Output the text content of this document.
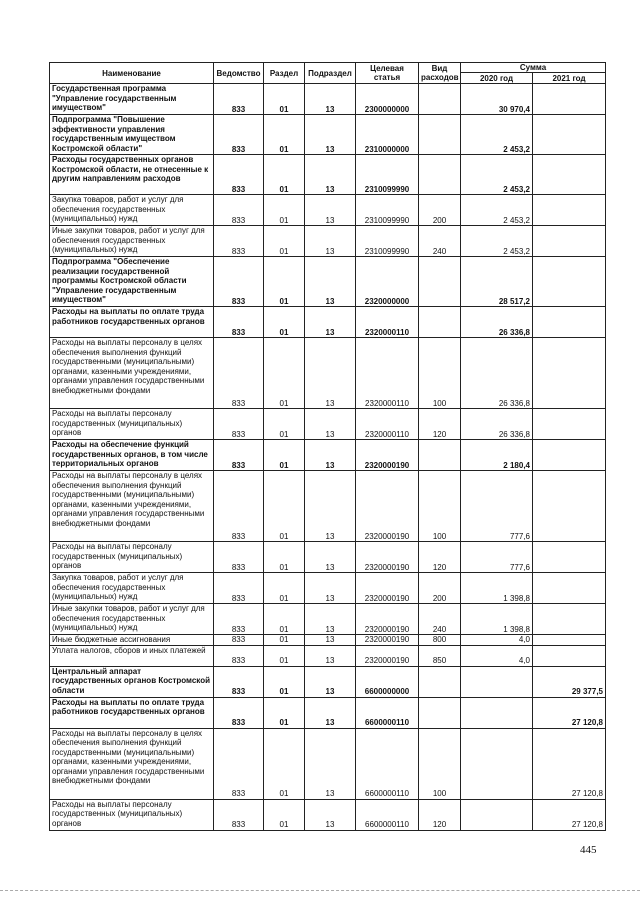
Наименование	Ведомство	Раздел	Подраздел	Целевая статья	Вид расходов	Сумма	
						2020 год	2021 год
Государственная программа "Управление государственным имуществом"	833	01	13	2300000000		30 970,4	
Подпрограмма "Повышение эффективности управления государственным имуществом Костромской области"	833	01	13	2310000000		2 453,2	
Расходы государственных органов Костромской области, не отнесенные к другим направлениям расходов	833	01	13	2310099990		2 453,2	
Закупка товаров, работ и услуг для обеспечения государственных (муниципальных) нужд	833	01	13	2310099990	200	2 453,2	
Иные закупки товаров, работ и услуг для обеспечения государственных (муниципальных) нужд	833	01	13	2310099990	240	2 453,2	
Подпрограмма "Обеспечение реализации государственной программы Костромской области "Управление государственным имуществом"	833	01	13	2320000000		28 517,2	
Расходы на выплаты по оплате труда работников государственных органов	833	01	13	2320000110		26 336,8	
Расходы на выплаты персоналу в целях обеспечения выполнения функций государственными (муниципальными) органами, казенными учреждениями, органами управления государственными внебюджетными фондами	833	01	13	2320000110	100	26 336,8	
Расходы на выплаты персоналу государственных (муниципальных) органов	833	01	13	2320000110	120	26 336,8	
Расходы на обеспечение функций государственных органов, в том числе территориальных органов	833	01	13	2320000190		2 180,4	
Расходы на выплаты персоналу в целях обеспечения выполнения функций государственными (муниципальными) органами, казенными учреждениями, органами управления государственными внебюджетными фондами	833	01	13	2320000190	100	777,6	
Расходы на выплаты персоналу государственных (муниципальных) органов	833	01	13	2320000190	120	777,6	
Закупка товаров, работ и услуг для обеспечения государственных (муниципальных) нужд	833	01	13	2320000190	200	1 398,8	
Иные закупки товаров, работ и услуг для обеспечения государственных (муниципальных) нужд	833	01	13	2320000190	240	1 398,8	
Иные бюджетные ассигнования	833	01	13	2320000190	800	4,0	
Уплата налогов, сборов и иных платежей	833	01	13	2320000190	850	4,0	
Центральный аппарат государственных органов Костромской области	833	01	13	6600000000			29 377,5
Расходы на выплаты по оплате труда работников государственных органов	833	01	13	6600000110			27 120,8
Расходы на выплаты персоналу в целях обеспечения выполнения функций государственными (муниципальными) органами, казенными учреждениями, органами управления государственными внебюджетными фондами	833	01	13	6600000110	100		27 120,8
Расходы на выплаты персоналу государственных (муниципальных) органов	833	01	13	6600000110	120		27 120,8
445
